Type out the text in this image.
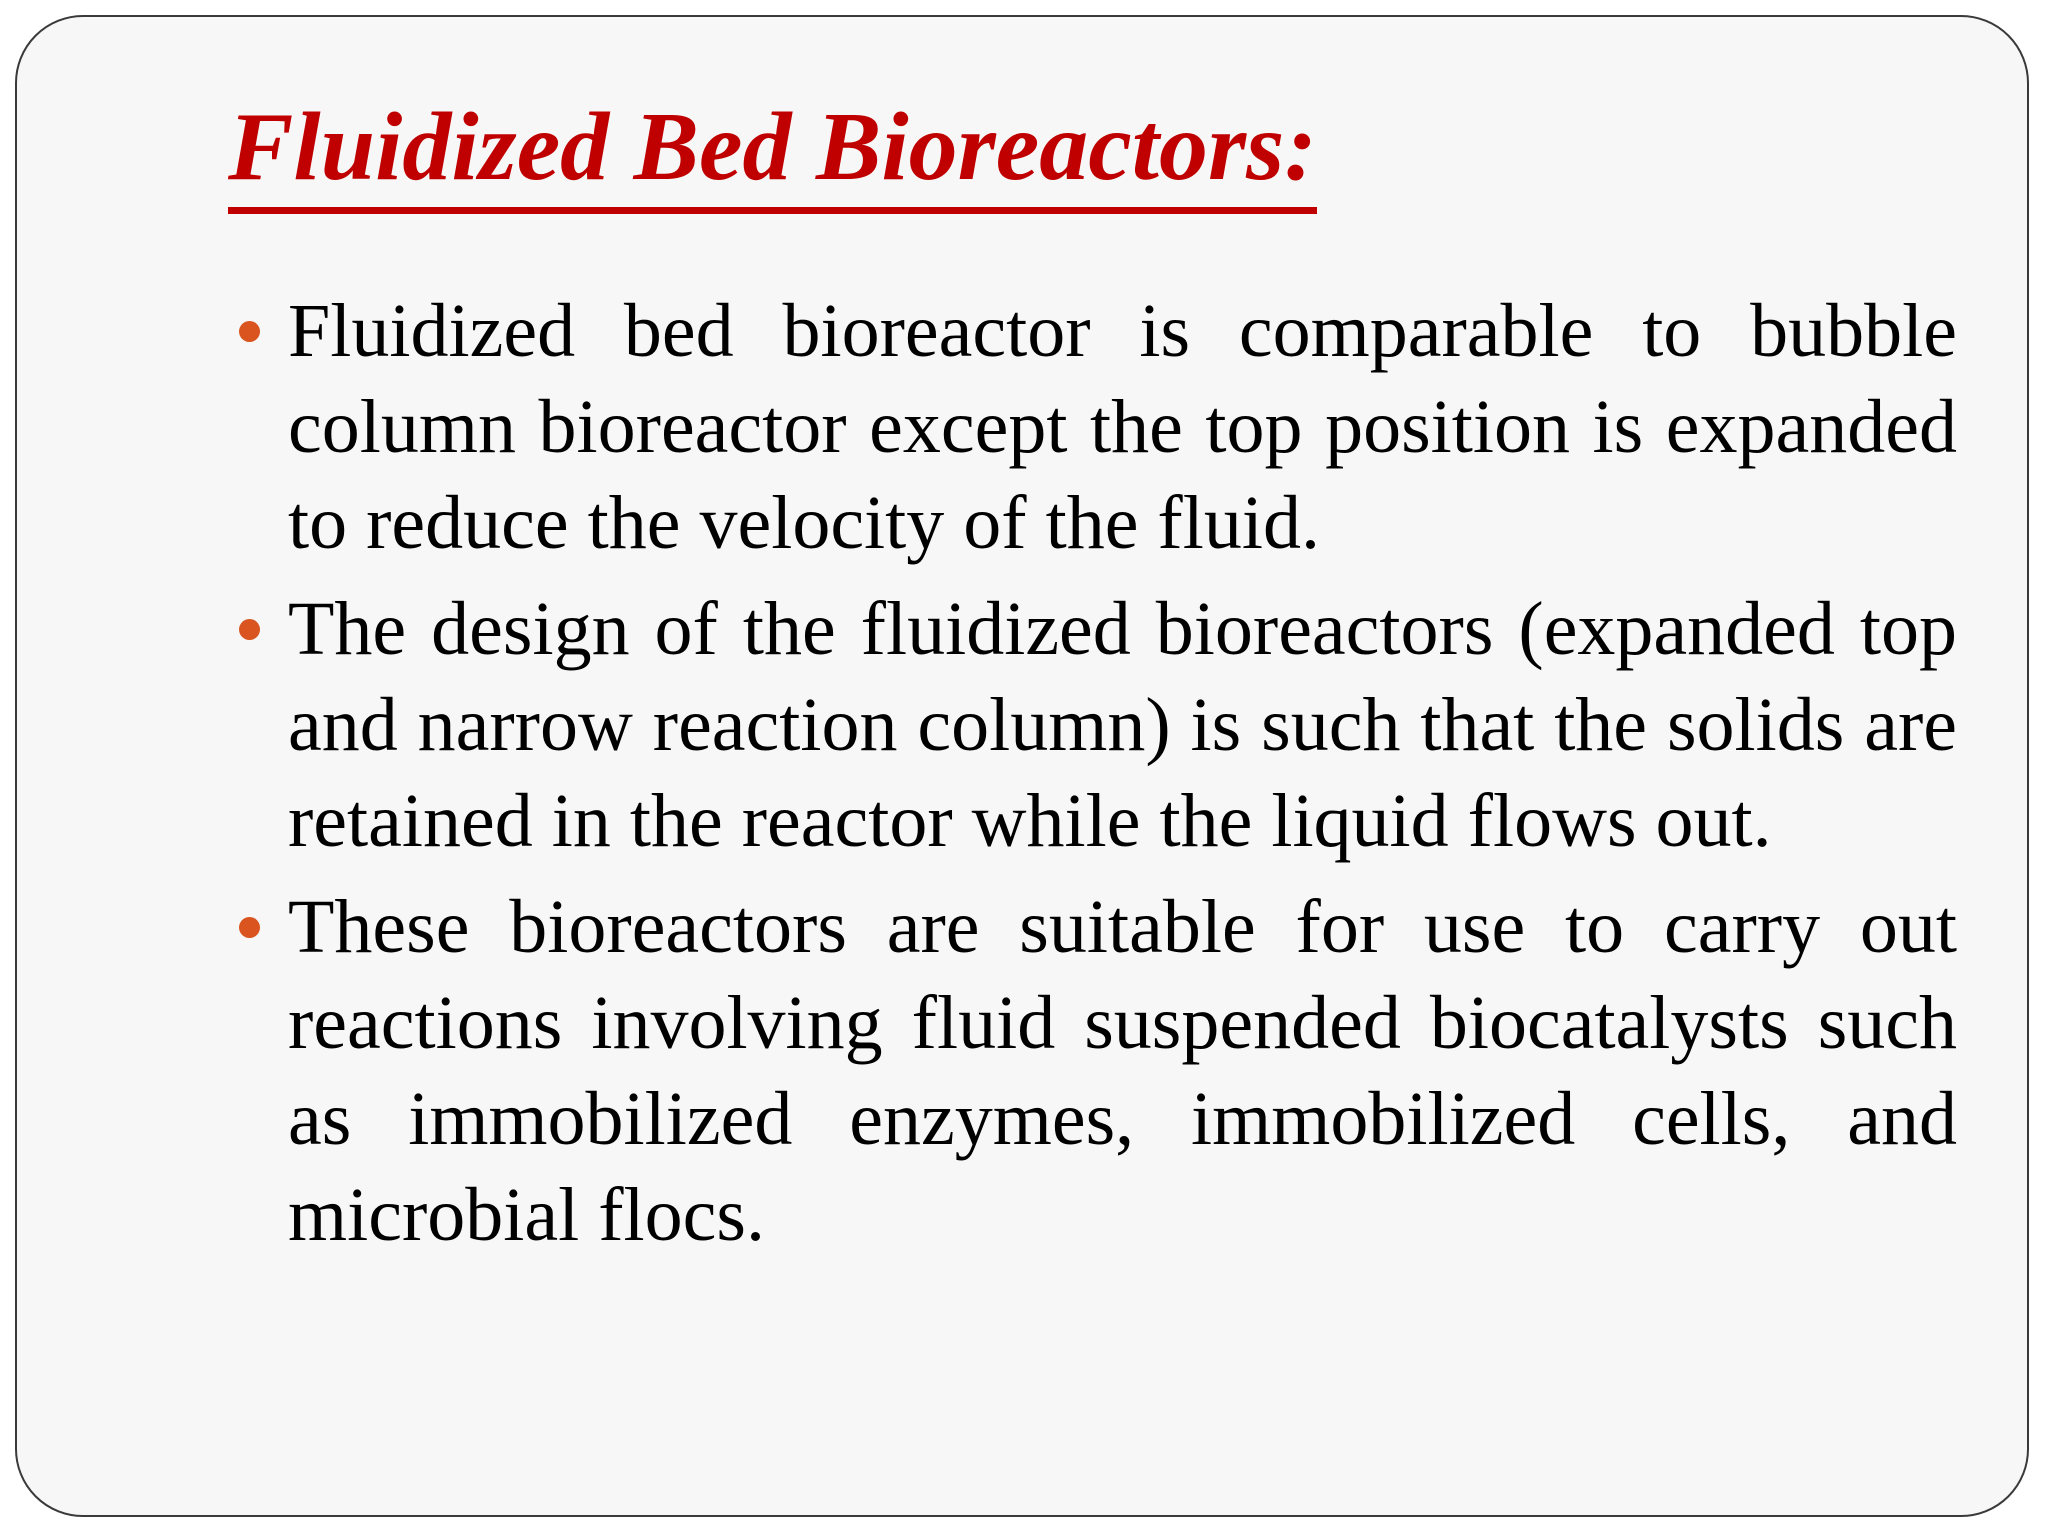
Fluidized Bed Bioreactors:
Fluidized bed bioreactor is comparable to bubble column bioreactor except the top position is expanded to reduce the velocity of the fluid.
The design of the fluidized bioreactors (expanded top and narrow reaction column) is such that the solids are retained in the reactor while the liquid flows out.
These bioreactors are suitable for use to carry out reactions involving fluid suspended biocatalysts such as immobilized enzymes, immobilized cells, and microbial flocs.
